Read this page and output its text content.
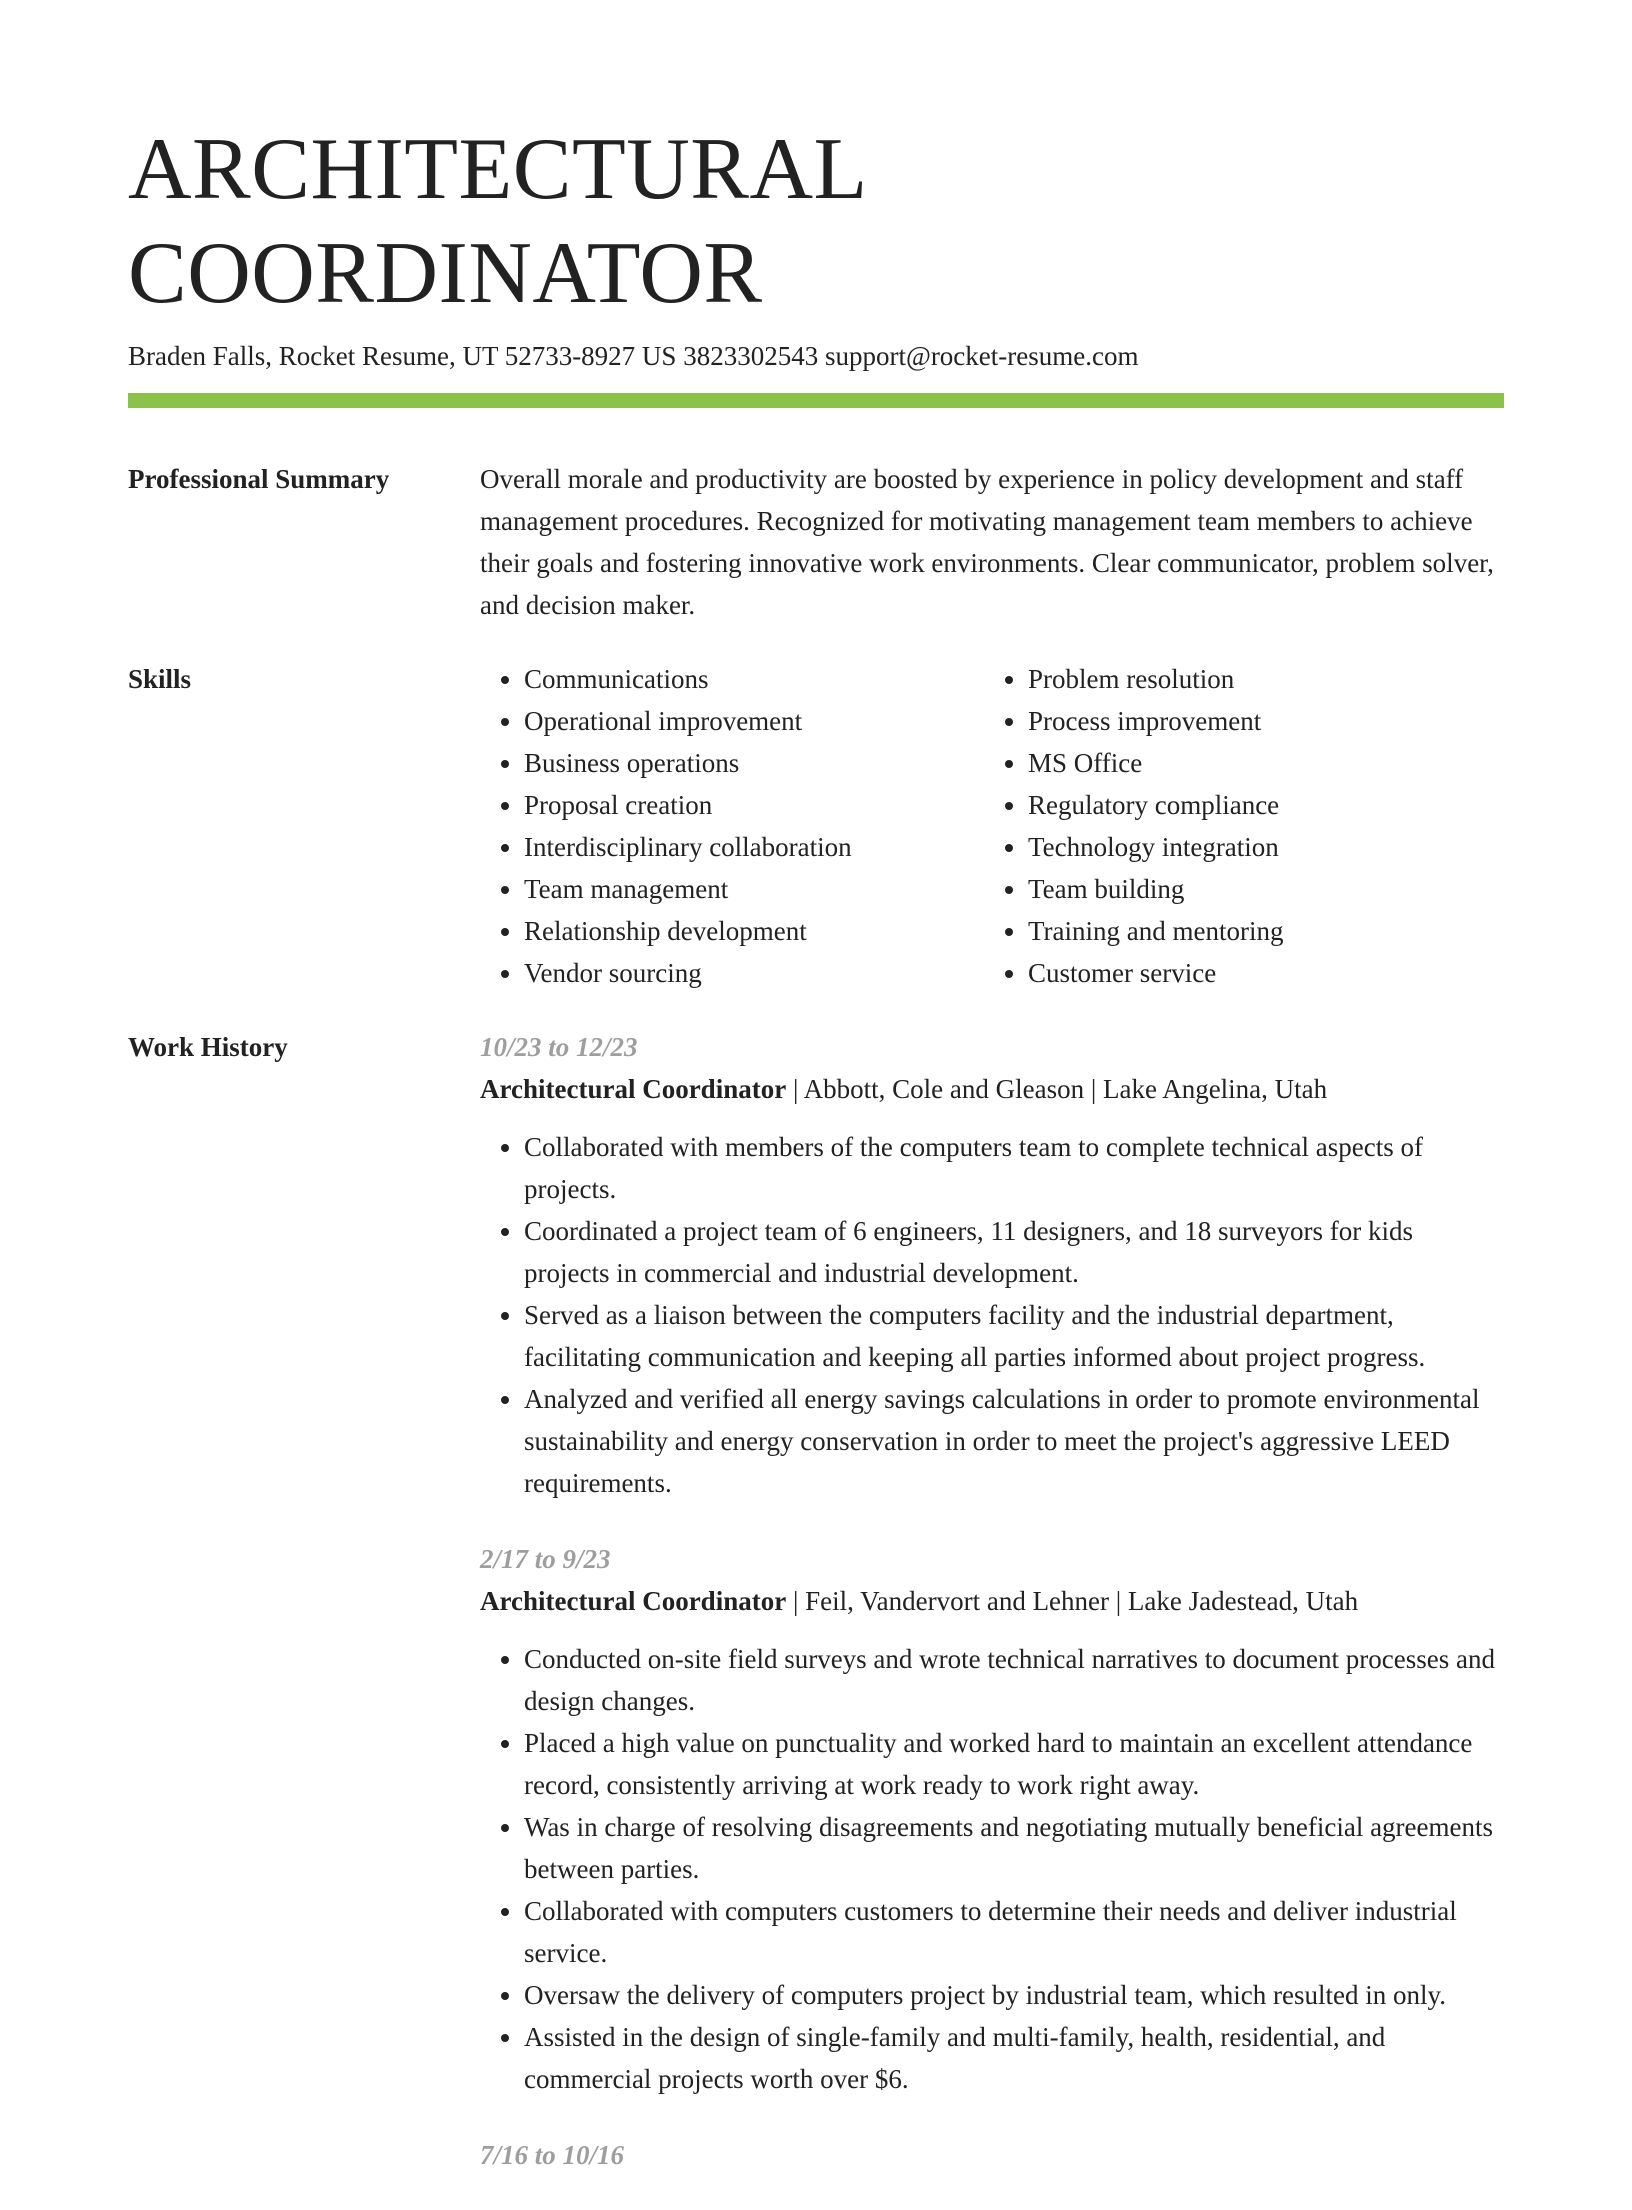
ARCHITECTURAL COORDINATOR
Braden Falls, Rocket Resume, UT 52733-8927 US 3823302543 support@rocket-resume.com
Professional Summary	Overall morale and productivity are boosted by experience in policy development and staff management procedures. Recognized for motivating management team members to achieve their goals and fostering innovative work environments. Clear communicator, problem solver, and decision maker.
Skills
•	Communications
• Operational improvement
• Business operations
• Proposal creation
• Interdisciplinary collaboration
• Team management
• Relationship development
• Vendor sourcing
• Problem resolution
• Process improvement
• MS Office
• Regulatory compliance
• Technology integration
• Team building
• Training and mentoring
• Customer service
Work History	10/23 to 12/23
Architectural Coordinator | Abbott, Cole and Gleason | Lake Angelina, Utah
• Collaborated with members of the computers team to complete technical aspects of projects.
• Coordinated a project team of 6 engineers, 11 designers, and 18 surveyors for kids projects in commercial and industrial development.
• Served as a liaison between the computers facility and the industrial department, facilitating communication and keeping all parties informed about project progress.
• Analyzed and verified all energy savings calculations in order to promote environmental sustainability and energy conservation in order to meet the project's aggressive LEED requirements.
2/17 to 9/23
Architectural Coordinator | Feil, Vandervort and Lehner | Lake Jadestead, Utah
• Conducted on-site field surveys and wrote technical narratives to document processes and design changes.
• Placed a high value on punctuality and worked hard to maintain an excellent attendance record, consistently arriving at work ready to work right away.
• Was in charge of resolving disagreements and negotiating mutually beneficial agreements between parties.
• Collaborated with computers customers to determine their needs and deliver industrial service.
• Oversaw the delivery of computers project by industrial team, which resulted in only.
• Assisted in the design of single-family and multi-family, health, residential, and commercial projects worth over $6.
7/16 to 10/16
